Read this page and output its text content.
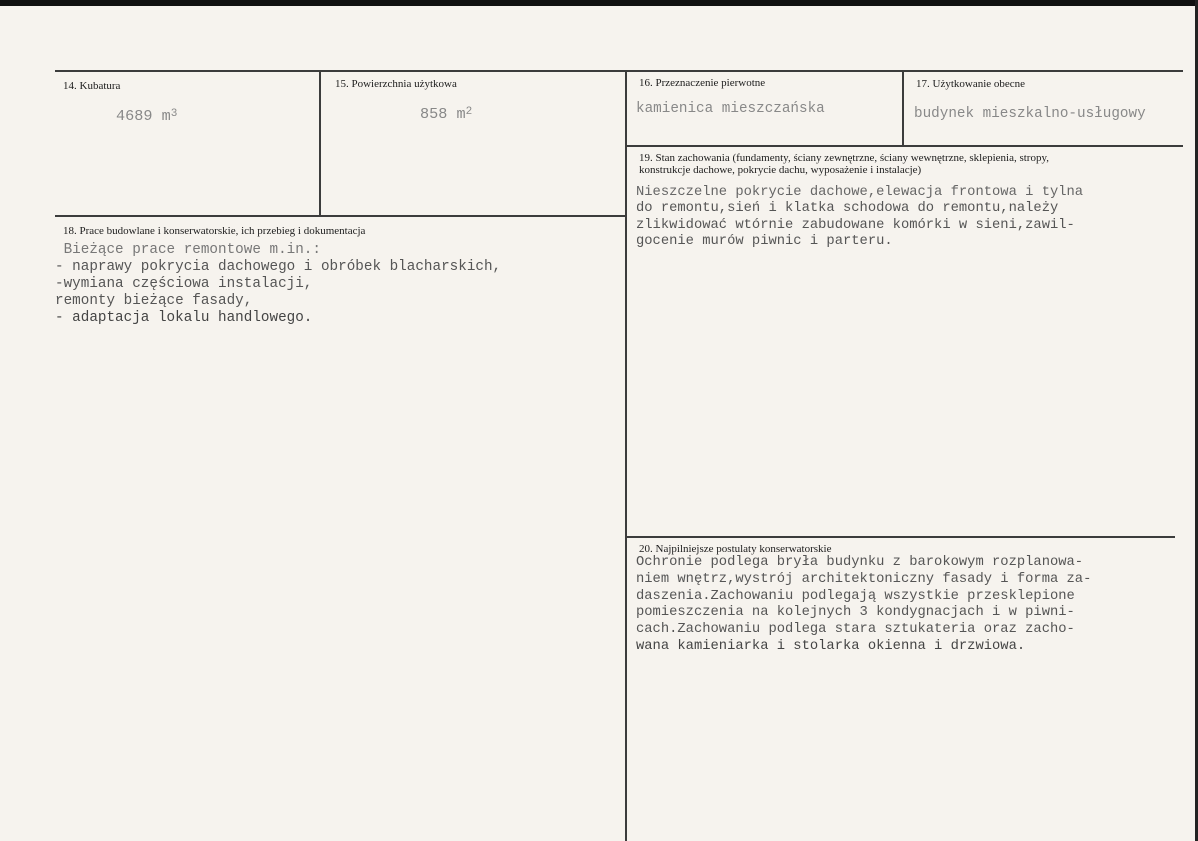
14. Kubatura
4689 $m^3$
15. Powierzchnia użytkowa
858 $m^2$
16. Przeznaczenie pierwotne
kamienica mieszczańska
17. Użytkowanie obecne
budynek mieszkalno-usługowy
19. Stan zachowania (fundamenty, ściany zewnętrzne, ściany wewnętrzne, sklepienia, stropy,
konstrukcje dachowe, pokrycie dachu, wyposażenie i instalacje)
Nieszczelne pokrycie dachowe,elewacja frontowa i tylna
do remontu,sień i klatka schodowa do remontu,należy
zlikwidować wtórnie zabudowane komórki w sieni,zawil-
gocenie murów piwnic i parteru.
18. Prace budowlane i konserwatorskie, ich przebieg i dokumentacja
Bieżące prace remontowe m.in.:
- naprawy pokrycia dachowego i obróbek blacharskich,
-wymiana częściowa instalacji,
remonty bieżące fasady,
- adaptacja lokalu handlowego.
20. Najpilniejsze postulaty konserwatorskie
Ochronie podlega bryła budynku z barokowym rozplanowa-
niem wnętrz,wystrój architektoniczny fasady i forma za-
daszenia.Zachowaniu podlegają wszystkie przesklepione
pomieszczenia na kolejnych 3 kondygnacjach i w piwni-
cach.Zachowaniu podlega stara sztukateria oraz zacho-
wana kamieniarka i stolarka okienna i drzwiowa.
